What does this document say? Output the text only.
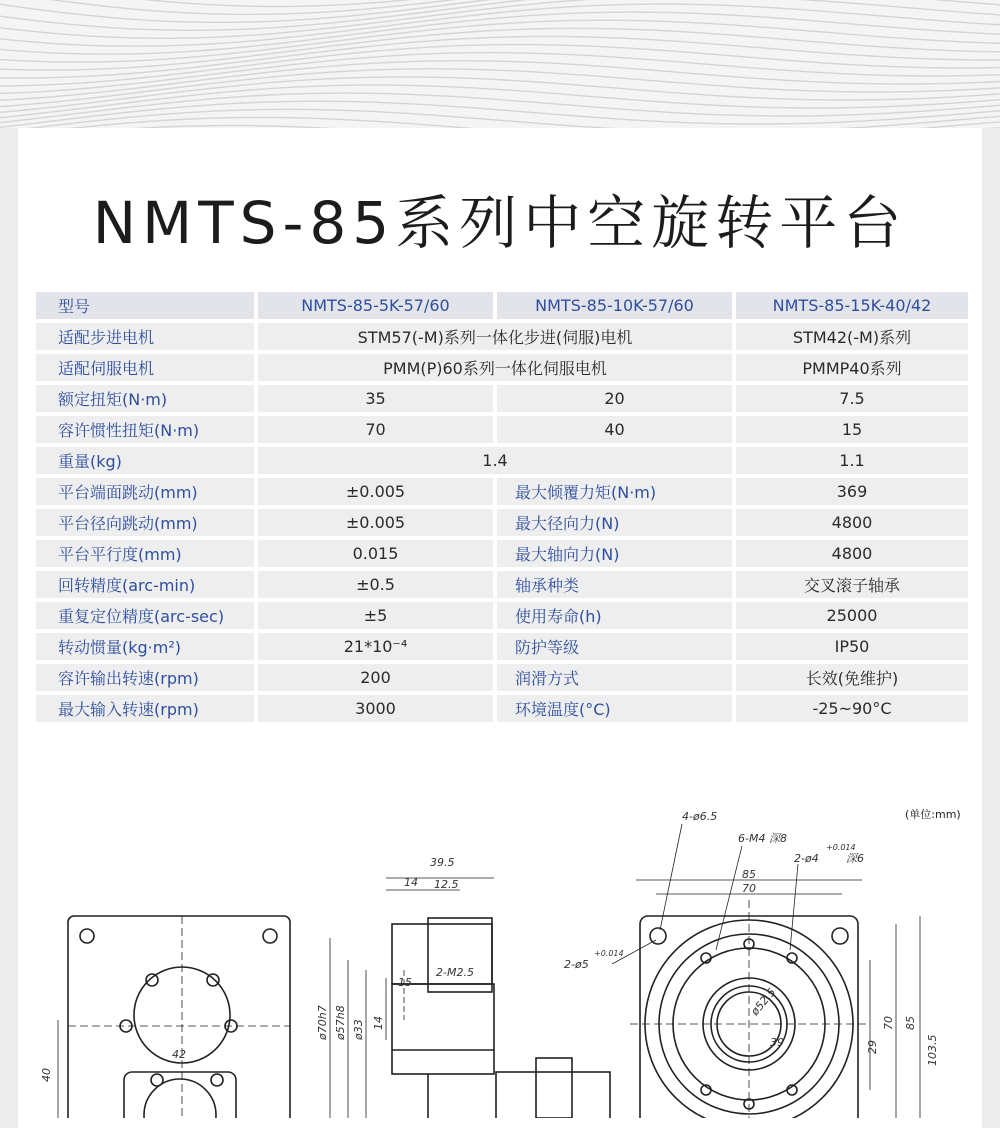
NMTS-85系列中空旋转平台
型号	NMTS-85-5K-57/60	NMTS-85-10K-57/60	NMTS-85-15K-40/42
适配步进电机	STM57(-M)系列一体化步进(伺服)电机		STM42(-M)系列
适配伺服电机	PMM(P)60系列一体化伺服电机		PMMP40系列
额定扭矩(N·m)	35	20	7.5
容许惯性扭矩(N·m)	70	40	15
重量(kg)	1.4		1.1
平台端面跳动(mm)	±0.005	最大倾覆力矩(N·m)	369
平台径向跳动(mm)	±0.005	最大径向力(N)	4800
平台平行度(mm)	0.015	最大轴向力(N)	4800
回转精度(arc-min)	±0.5	轴承种类	交叉滚子轴承
重复定位精度(arc-sec)	±5	使用寿命(h)	25000
转动惯量(kg·m²)	21*10⁻⁴	防护等级	IP50
容许输出转速(rpm)	200	润滑方式	长效(免维护)
最大输入转速(rpm)	3000	环境温度(°C)	-25~90°C
(单位:mm)
4-ø6.5
6-M4 深8
2-ø4 深6
+0.014
85
70
2-ø5
+0.014
39.5
14 12.5
2-M2.5
15
ø70h7 ø57h8 ø33 14
42
40
39	29
70 85
103.5
ø52.5
